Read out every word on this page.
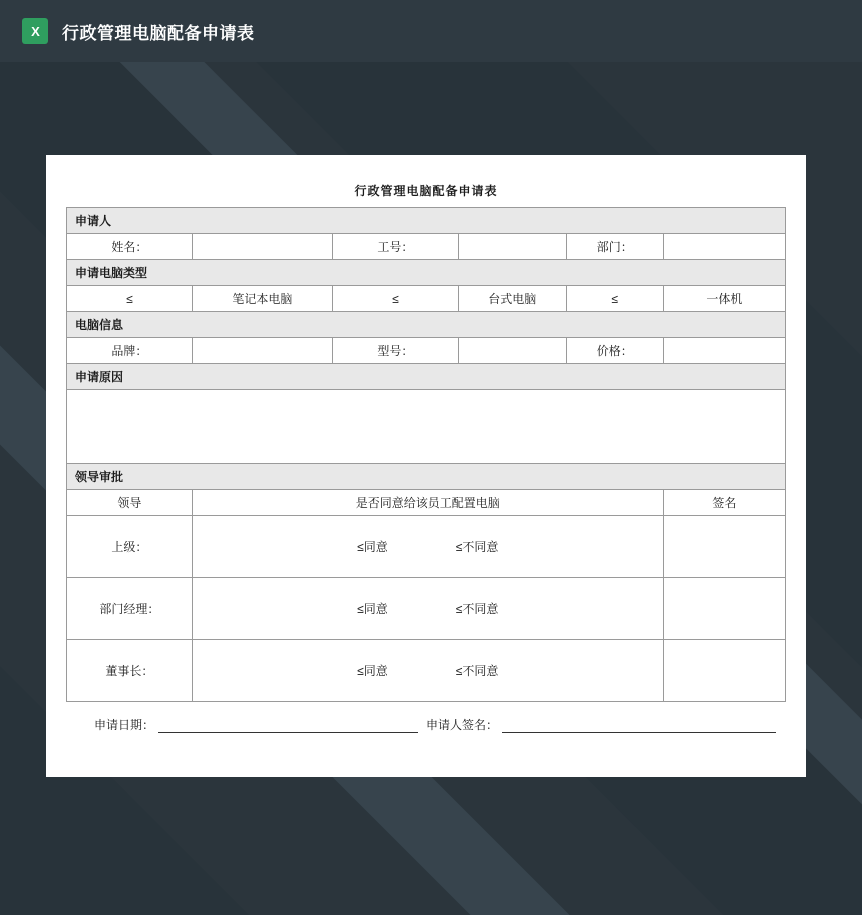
X	行政管理电脑配备申请表
行政管理电脑配备申请表					
申请人					
姓名：		工号：		部门：	
申请电脑类型					
≤	笔记本电脑	≤	台式电脑	≤	一体机
电脑信息					
品牌：		型号：		价格：	
申请原因					

领导审批					
领导	是否同意给该员工配置电脑				签名
上级：	≤同意 ≤不同意				
部门经理：	≤同意 ≤不同意				
董事长：	≤同意 ≤不同意				
申请日期：	申请人签名：
